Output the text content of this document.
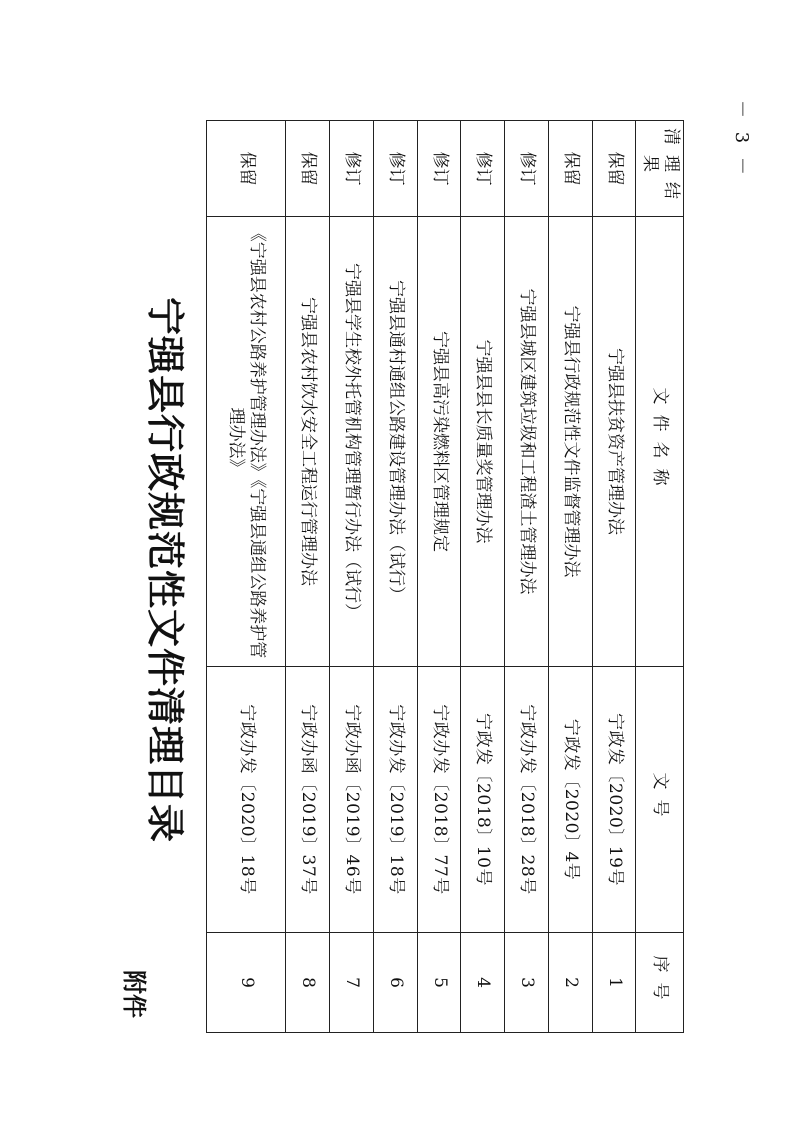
附件
－ 3 －
宁强县行政规范性文件清理目录
清理结果	文件名称	文号	序号
保留	宁强县扶贫资产管理办法	宁政发〔2020〕19号	1
保留	宁强县行政规范性文件监督管理办法	宁政发〔2020〕4号	2
修订	宁强县城区建筑垃圾和工程渣土管理办法	宁政办发〔2018〕28号	3
修订	宁强县县长质量奖管理办法	宁政发〔2018〕10号	4
修订	宁强县高污染燃料区管理规定	宁政办发〔2018〕77号	5
修订	宁强县通村通组公路建设管理办法（试行）	宁政办发〔2019〕18号	6
修订	宁强县学生校外托管机构管理暂行办法（试行）	宁政办函〔2019〕46号	7
保留	宁强县农村饮水安全工程运行管理办法	宁政办函〔2019〕37号	8
保留	《宁强县农村公路养护管理办法》《宁强县通组公路养护管理办法》	宁政办发〔2020〕18号	9
